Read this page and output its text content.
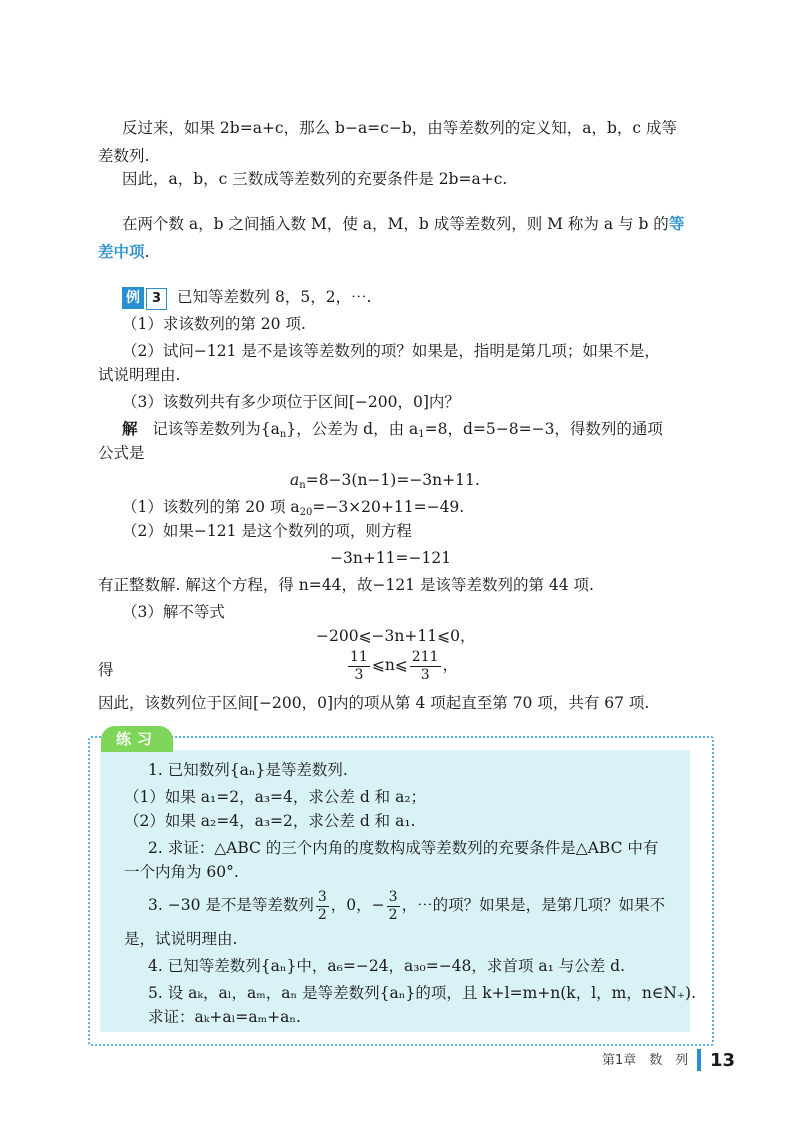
反过来，如果 2b=a+c，那么 b−a=c−b，由等差数列的定义知，a，b，c 成等
差数列.
因此，a，b，c 三数成等差数列的充要条件是 2b=a+c.
在两个数 a，b 之间插入数 M，使 a，M，b 成等差数列，则 M 称为 a 与 b 的等
差中项.
例 3 已知等差数列 8，5，2，⋯.
（1）求该数列的第 20 项.
（2）试问−121 是不是该等差数列的项？如果是，指明是第几项；如果不是，
试说明理由.
（3）该数列共有多少项位于区间[−200，0]内？
解 记该等差数列为$\{a_n\}$，公差为 d，由 $a_1=8$，d=5−8=−3，得数列的通项
公式是
$a_n=8-3(n-1)=-3n+11$.
（1）该数列的第 20 项 $a_{20}=-3\times 20+11=-49$.
（2）如果−121 是这个数列的项，则方程
−3n+11=−121
有正整数解. 解这个方程，得 n=44，故−121 是该等差数列的第 44 项.
（3）解不等式
−200⩽−3n+11⩽0，
得	$\frac{11}{3}$ ⩽n⩽ $\frac{211}{3}$ ，
因此，该数列位于区间[−200，0]内的项从第 4 项起直至第 70 项，共有 67 项.
练习
1. 已知数列{aₙ}是等差数列.
（1）如果 a₁=2，a₃=4，求公差 d 和 a₂；
（2）如果 a₂=4，a₃=2，求公差 d 和 a₁.
2. 求证：△ABC 的三个内角的度数构成等差数列的充要条件是△ABC 中有
一个内角为 60°.
3. −30 是不是等差数列 $\frac{3}{2}$ ，0，− $\frac{3}{2}$ ，⋯的项？如果是，是第几项？如果不
是，试说明理由.
4. 已知等差数列{aₙ}中，a₆=−24，a₃₀=−48，求首项 a₁ 与公差 d.
5. 设 aₖ，aₗ，aₘ，aₙ 是等差数列{aₙ}的项，且 k+l=m+n(k，l，m，n∈N₊).
求证：aₖ+aₗ=aₘ+aₙ.
第1章　数　列 13
